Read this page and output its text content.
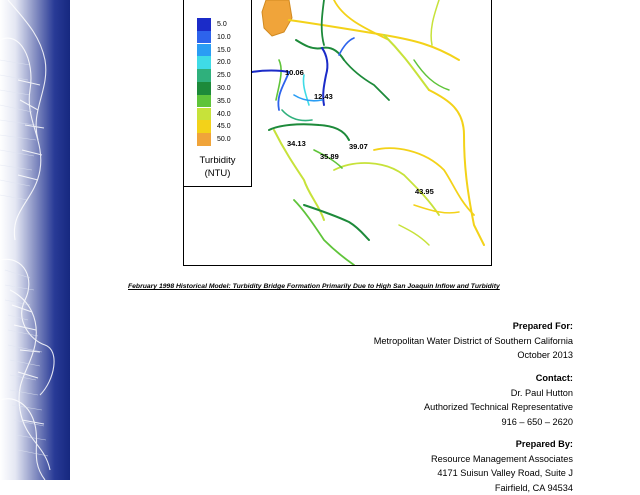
5.0
10.0
15.0
20.0
25.0
30.0
35.0
40.0
45.0
50.0
Turbidity
(NTU)
10.06
12.43
34.13
35.89
39.07
43.95
February 1998 Historical Model: Turbidity Bridge Formation Primarily Due to High San Joaquin Inflow and Turbidity
Prepared For:
Metropolitan Water District of Southern California
October 2013
Contact:
Dr. Paul Hutton
Authorized Technical Representative
916 – 650 – 2620
Prepared By:
Resource Management Associates
4171 Suisun Valley Road, Suite J
Fairfield, CA 94534
